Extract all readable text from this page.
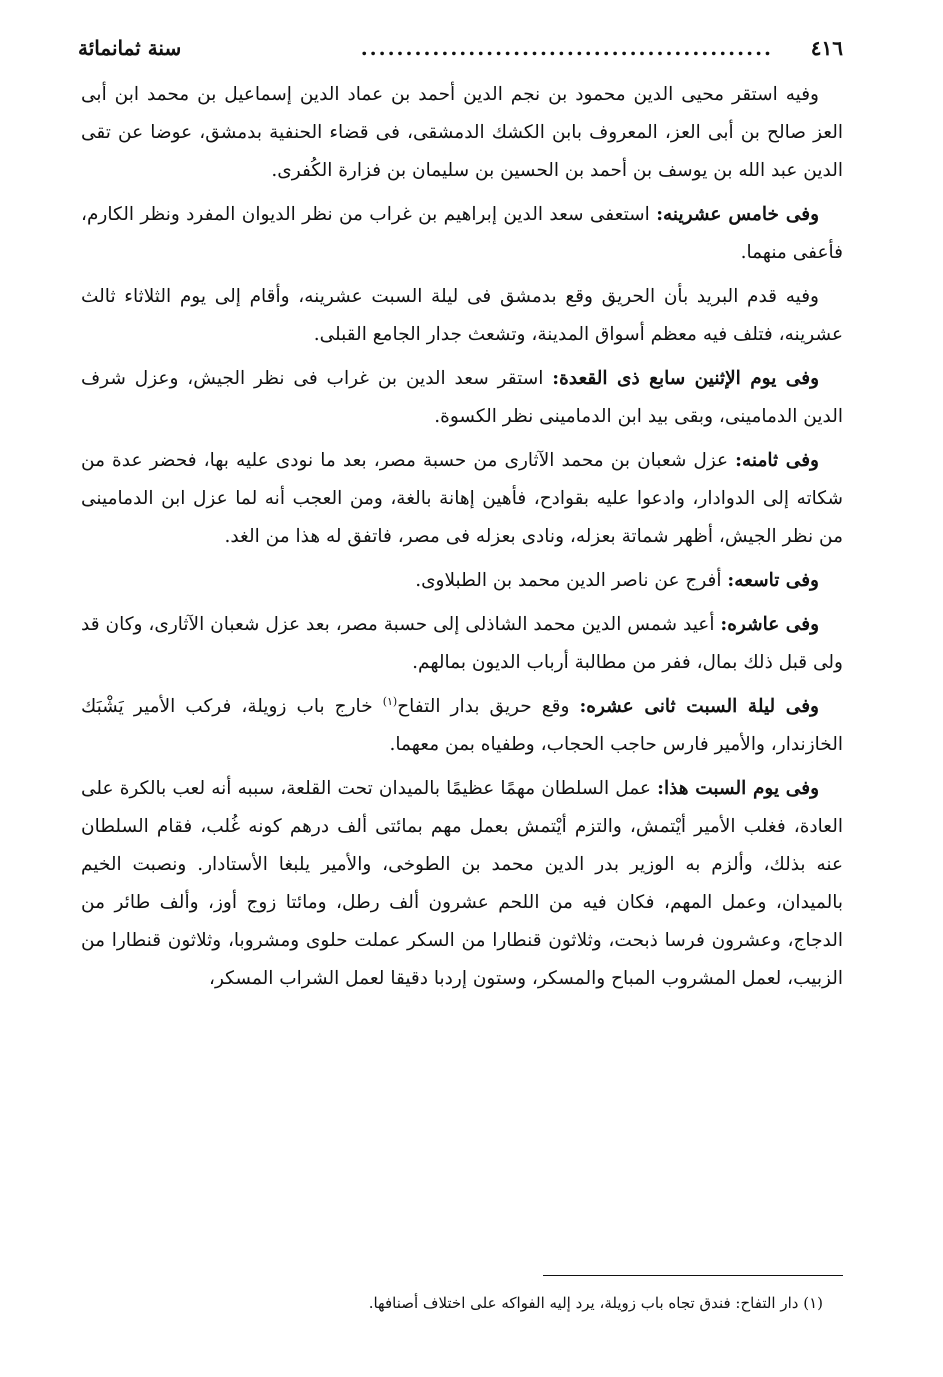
٤١٦
..............................................
سنة ثمانمائة

وفيه استقر محيى الدين محمود بن نجم الدين أحمد بن عماد الدين إسماعيل بن محمد ابن أبى العز صالح بن أبى العز، المعروف بابن الكشك الدمشقى، فى قضاء الحنفية بدمشق، عوضا عن تقى الدين عبد الله بن يوسف بن أحمد بن الحسين بن سليمان بن فزارة الكُفرى.

وفى خامس عشرينه: استعفى سعد الدين إبراهيم بن غراب من نظر الديوان المفرد ونظر الكارم، فأعفى منهما.

وفيه قدم البريد بأن الحريق وقع بدمشق فى ليلة السبت عشرينه، وأقام إلى يوم الثلاثاء ثالث عشرينه، فتلف فيه معظم أسواق المدينة، وتشعث جدار الجامع القبلى.

وفى يوم الإثنين سابع ذى القعدة: استقر سعد الدين بن غراب فى نظر الجيش، وعزل شرف الدين الدمامينى، وبقى بيد ابن الدمامينى نظر الكسوة.

وفى ثامنه: عزل شعبان بن محمد الآثارى من حسبة مصر، بعد ما نودى عليه بها، فحضر عدة من شكاته إلى الدوادار، وادعوا عليه بقوادح، فأهين إهانة بالغة، ومن العجب أنه لما عزل ابن الدمامينى من نظر الجيش، أظهر شماتة بعزله، ونادى بعزله فى مصر، فاتفق له هذا من الغد.

وفى تاسعه: أفرج عن ناصر الدين محمد بن الطبلاوى.

وفى عاشره: أعيد شمس الدين محمد الشاذلى إلى حسبة مصر، بعد عزل شعبان الآثارى، وكان قد ولى قبل ذلك بمال، ففر من مطالبة أرباب الديون بمالهم.

وفى ليلة السبت ثانى عشره: وقع حريق بدار التفاح$^{(١)}$ خارج باب زويلة، فركب الأمير يَشْبَك الخازندار، والأمير فارس حاجب الحجاب، وطفياه بمن معهما.

وفى يوم السبت هذا: عمل السلطان مهمًا عظيمًا بالميدان تحت القلعة، سببه أنه لعب بالكرة على العادة، فغلب الأمير أيْتمش، والتزم أيْتمش بعمل مهم بمائتى ألف درهم كونه غُلب، فقام السلطان عنه بذلك، وألزم به الوزير بدر الدين محمد بن الطوخى، والأمير يلبغا الأستادار. ونصبت الخيم بالميدان، وعمل المهم، فكان فيه من اللحم عشرون ألف رطل، ومائتا زوج أوز، وألف طائر من الدجاج، وعشرون فرسا ذبحت، وثلاثون قنطارا من السكر عملت حلوى ومشروبا، وثلاثون قنطارا من الزبيب، لعمل المشروب المباح والمسكر، وستون إردبا دقيقا لعمل الشراب المسكر،

(١) دار التفاح: فندق تجاه باب زويلة، يرد إليه الفواكه على اختلاف أصنافها.
